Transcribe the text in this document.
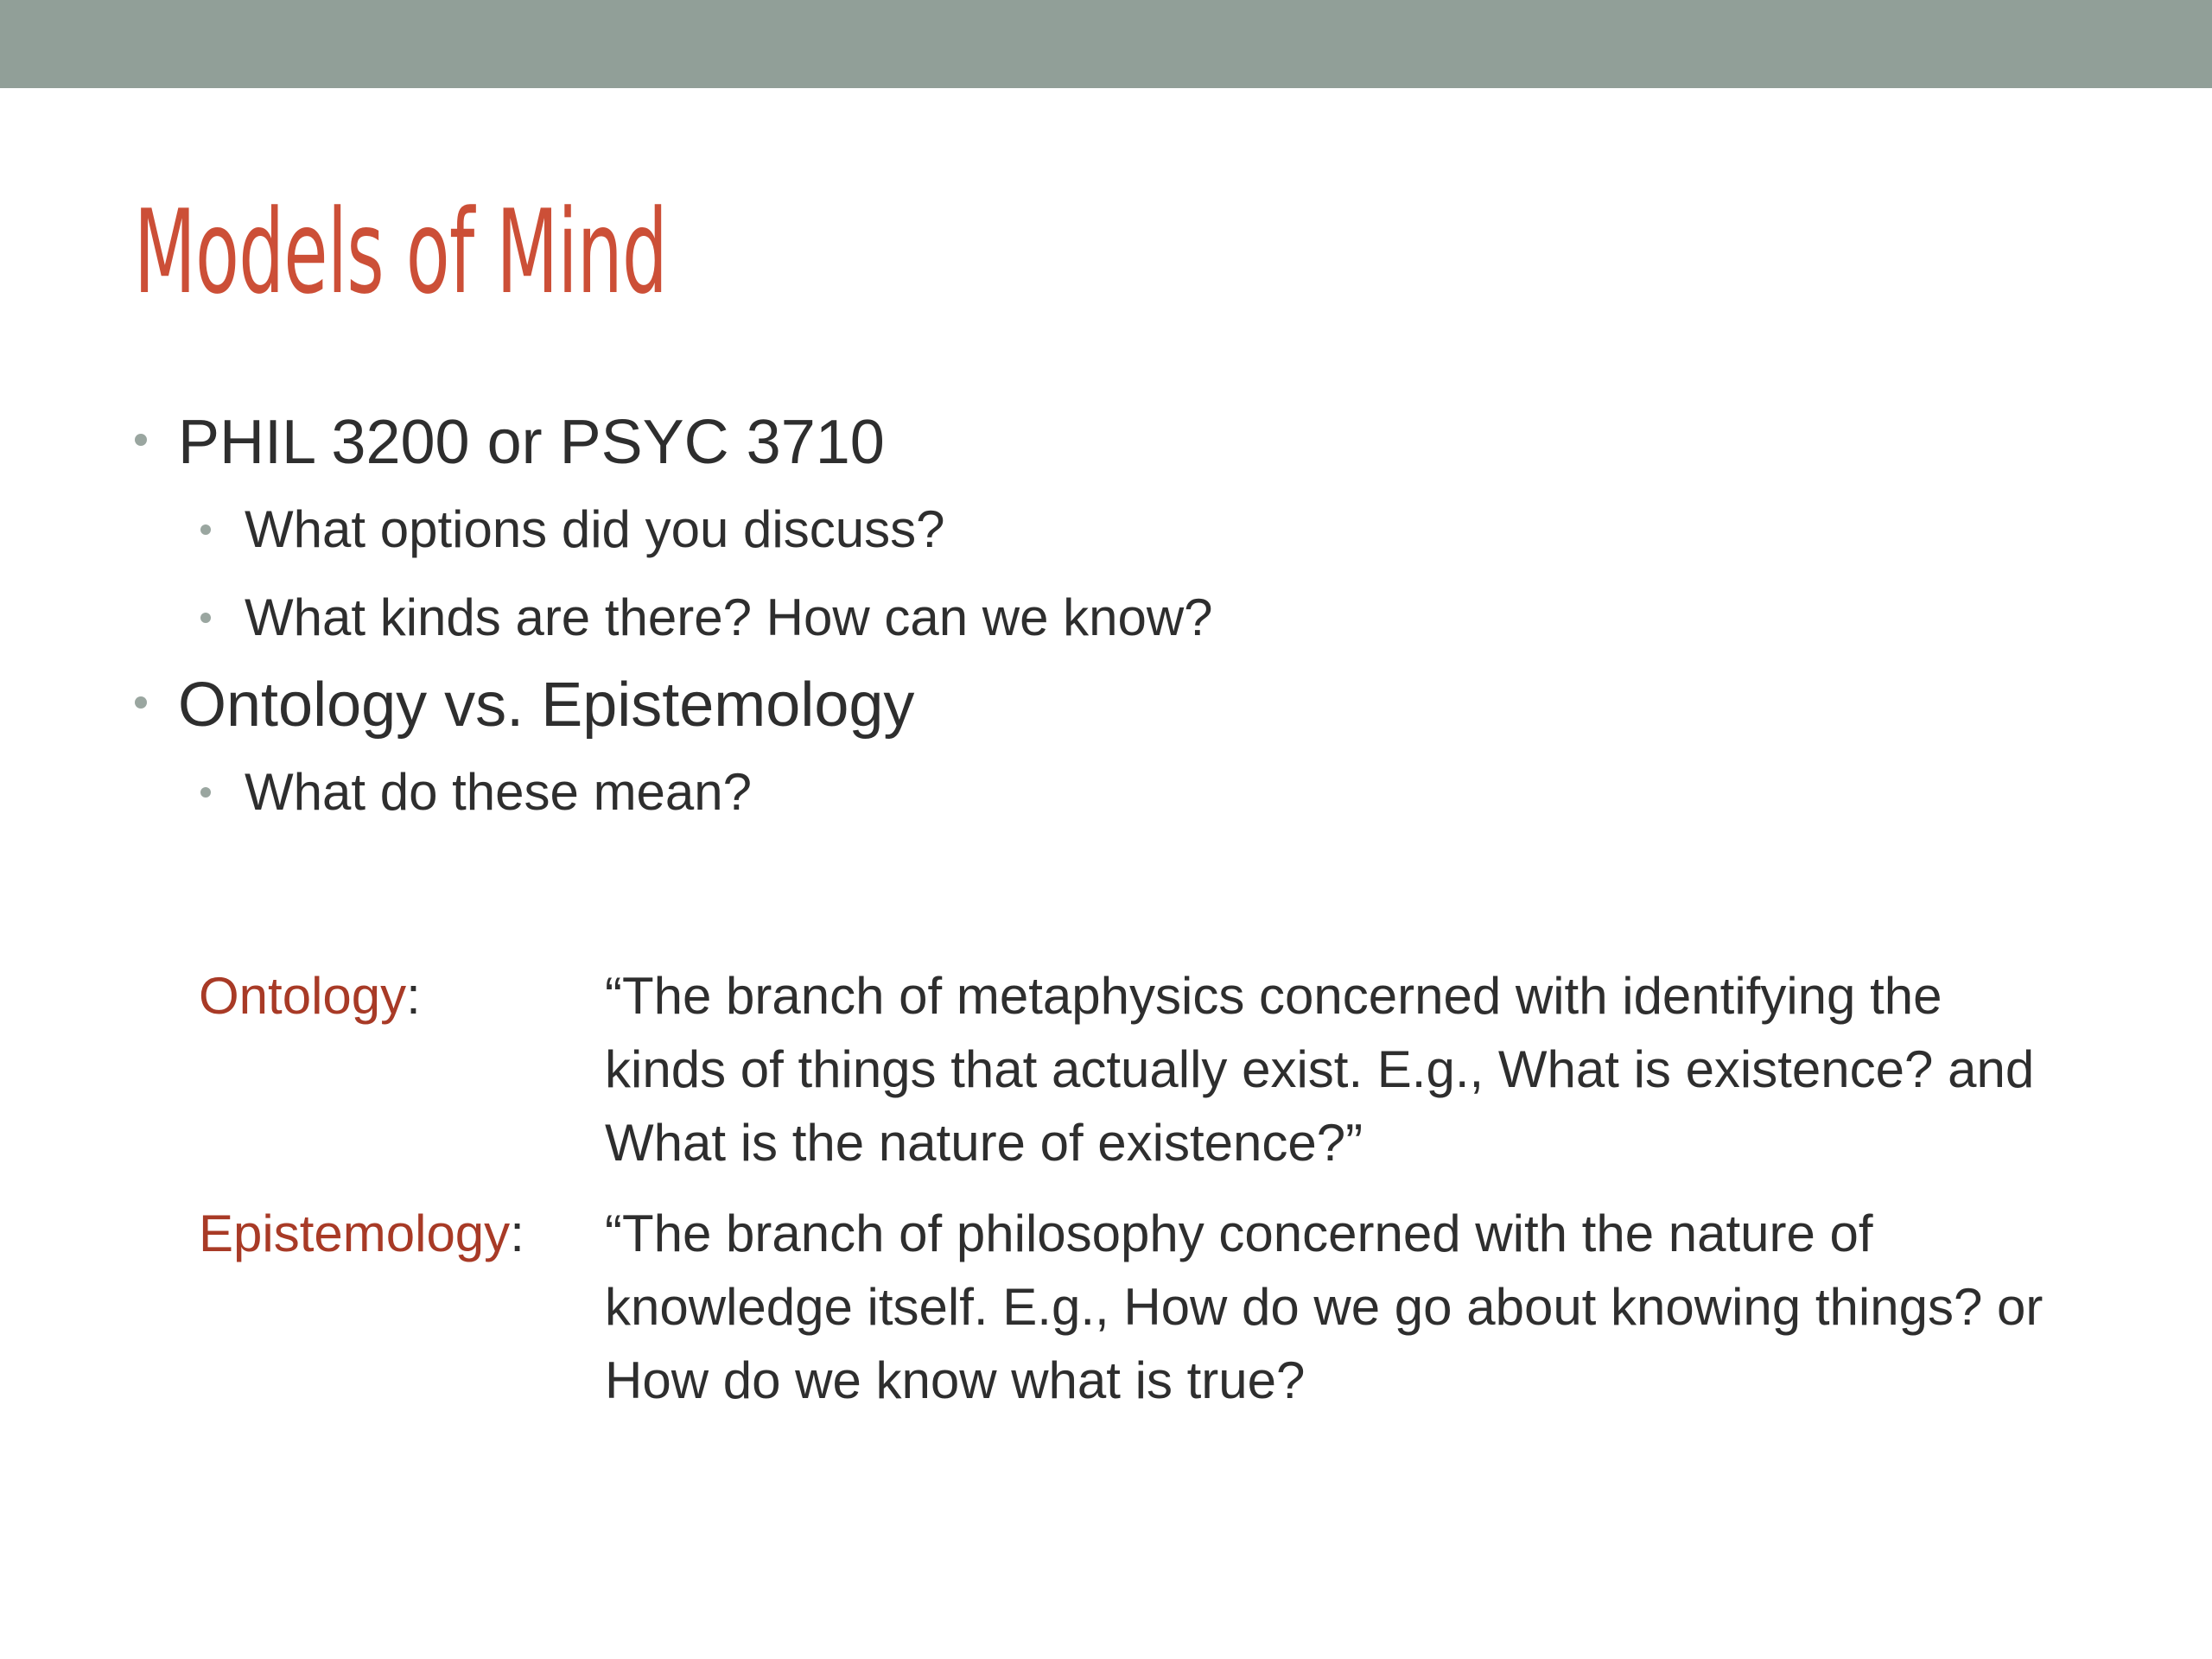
Models of Mind
PHIL 3200 or PSYC 3710
What options did you discuss?
What kinds are there? How can we know?
Ontology vs. Epistemology
What do these mean?
Ontology:	“The branch of metaphysics concerned with identifying the kinds of things that actually exist. E.g., What is existence? and What is the nature of existence?”
Epistemology:	“The branch of philosophy concerned with the nature of knowledge itself. E.g., How do we go about knowing things? or How do we know what is true?
